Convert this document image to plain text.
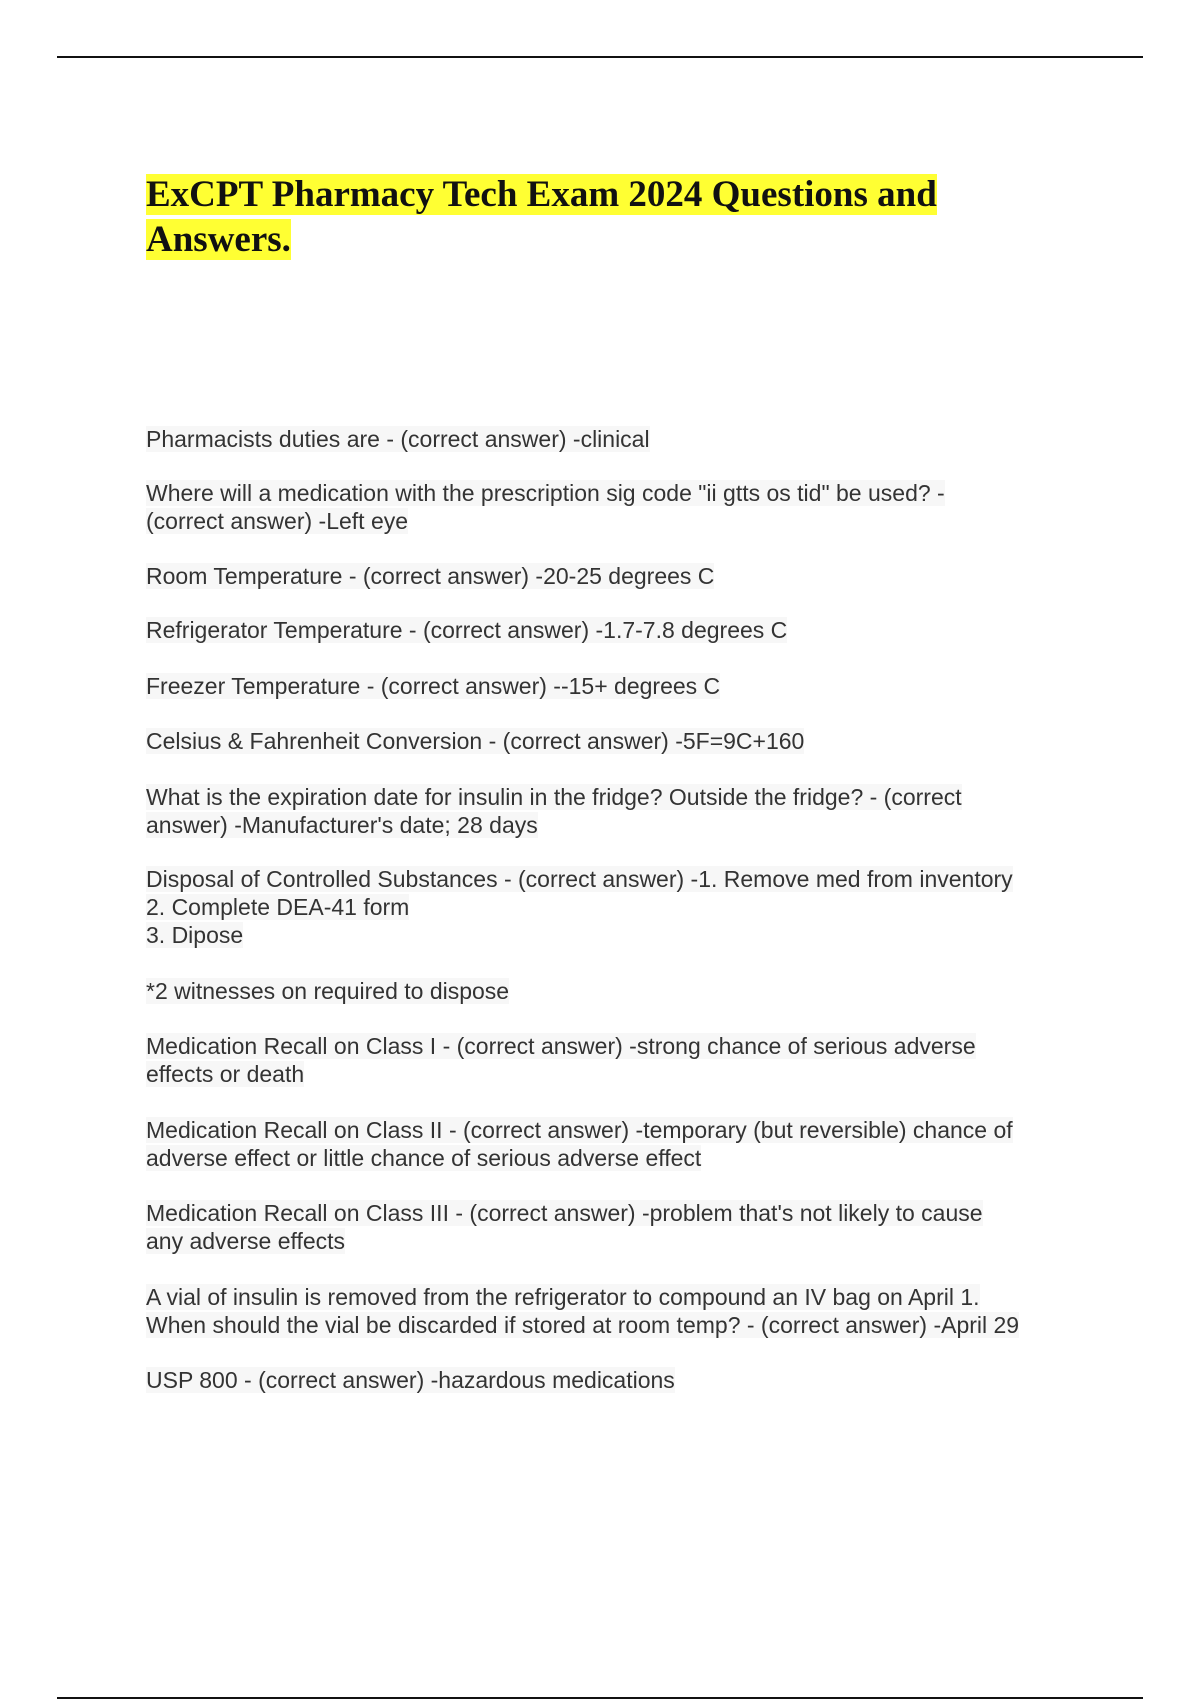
ExCPT Pharmacy Tech Exam 2024 Questions and Answers.
Pharmacists duties are - (correct answer) -clinical
Where will a medication with the prescription sig code "ii gtts os tid" be used? -
(correct answer) -Left eye
Room Temperature - (correct answer) -20-25 degrees C
Refrigerator Temperature - (correct answer) -1.7-7.8 degrees C
Freezer Temperature - (correct answer) --15+ degrees C
Celsius & Fahrenheit Conversion - (correct answer) -5F=9C+160
What is the expiration date for insulin in the fridge? Outside the fridge? - (correct
answer) -Manufacturer's date; 28 days
Disposal of Controlled Substances - (correct answer) -1. Remove med from inventory
2. Complete DEA-41 form
3. Dipose
*2 witnesses on required to dispose
Medication Recall on Class I - (correct answer) -strong chance of serious adverse
effects or death
Medication Recall on Class II - (correct answer) -temporary (but reversible) chance of
adverse effect or little chance of serious adverse effect
Medication Recall on Class III - (correct answer) -problem that's not likely to cause
any adverse effects
A vial of insulin is removed from the refrigerator to compound an IV bag on April 1.
When should the vial be discarded if stored at room temp? - (correct answer) -April 29
USP 800 - (correct answer) -hazardous medications
